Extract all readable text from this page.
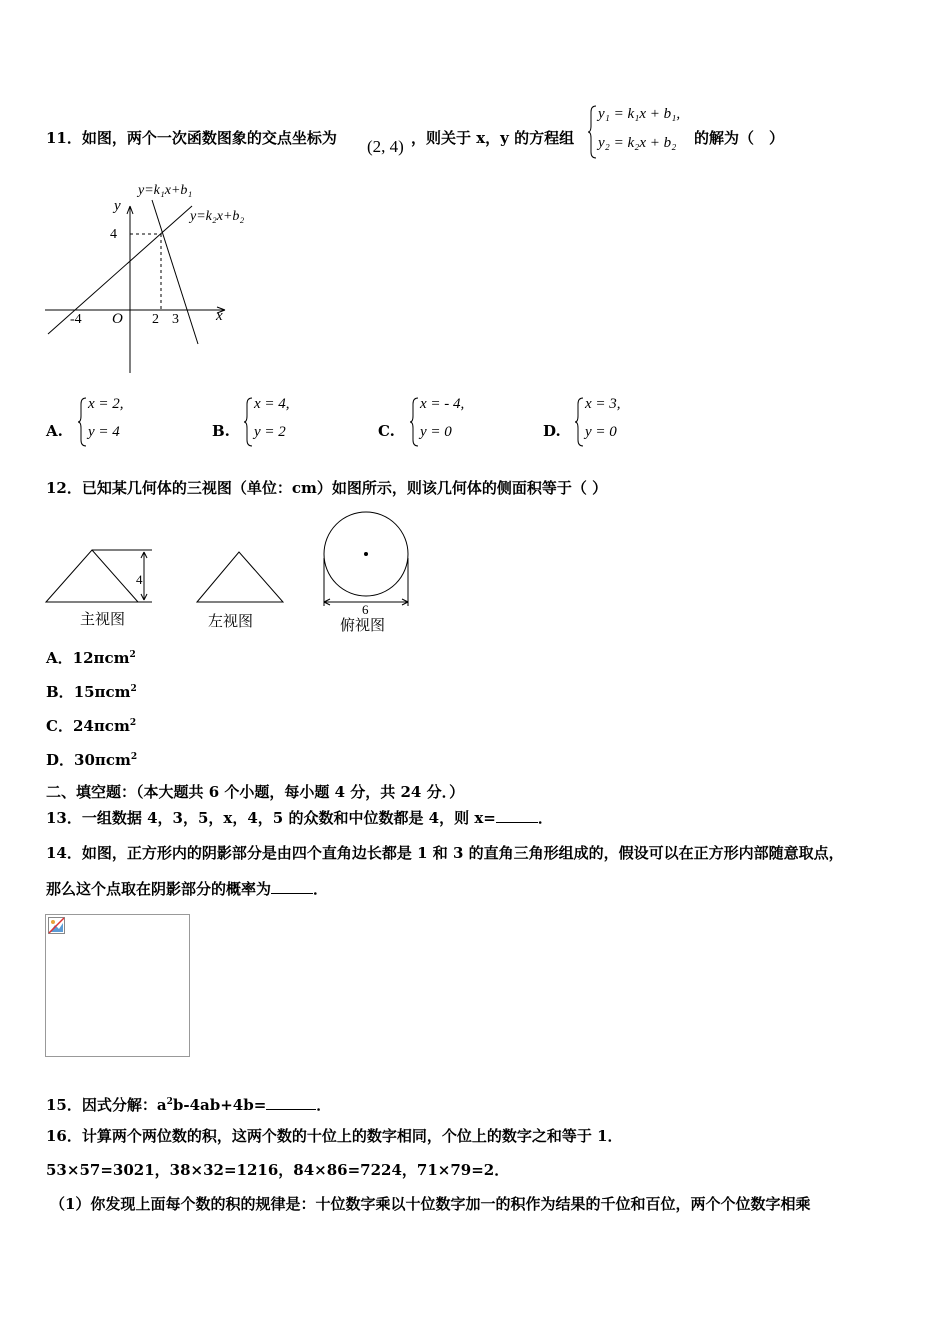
11．如图，两个一次函数图象的交点坐标为 (2, 4) ，则关于 x，y 的方程组
y₁ = k₁x + b₁,
y₂ = k₂x + b₂ 的解为（　）
y=k₁x+b₁
y=k₂x+b₂
y
x
O
-4	2 3
4
A.
x = 2,
y = 4	B.
x = 4,
y = 2	C.
x = - 4,
y = 0	D.
x = 3,
y = 0
12．已知某几何体的三视图（单位：cm）如图所示，则该几何体的侧面积等于（ ）
4
主视图	左视图
6
俯视图
A．12πcm$^2$
B．15πcm$^2$
C．24πcm$^2$
D．30πcm$^2$
二、填空题：（本大题共 6 个小题，每小题 4 分，共 24 分．）
13．一组数据 4，3，5，x，4，5 的众数和中位数都是 4，则 x=	．
14．如图，正方形内的阴影部分是由四个直角边长都是 1 和 3 的直角三角形组成的，假设可以在正方形内部随意取点，
那么这个点取在阴影部分的概率为	．
15．因式分解：$a^2b-4ab+4b=$	．
16．计算两个两位数的积，这两个数的十位上的数字相同，个位上的数字之和等于 1．
53×57=3021，38×32=1216，84×86=7224，71×79=2．
（1）你发现上面每个数的积的规律是：十位数字乘以十位数字加一的积作为结果的千位和百位，两个个位数字相乘
